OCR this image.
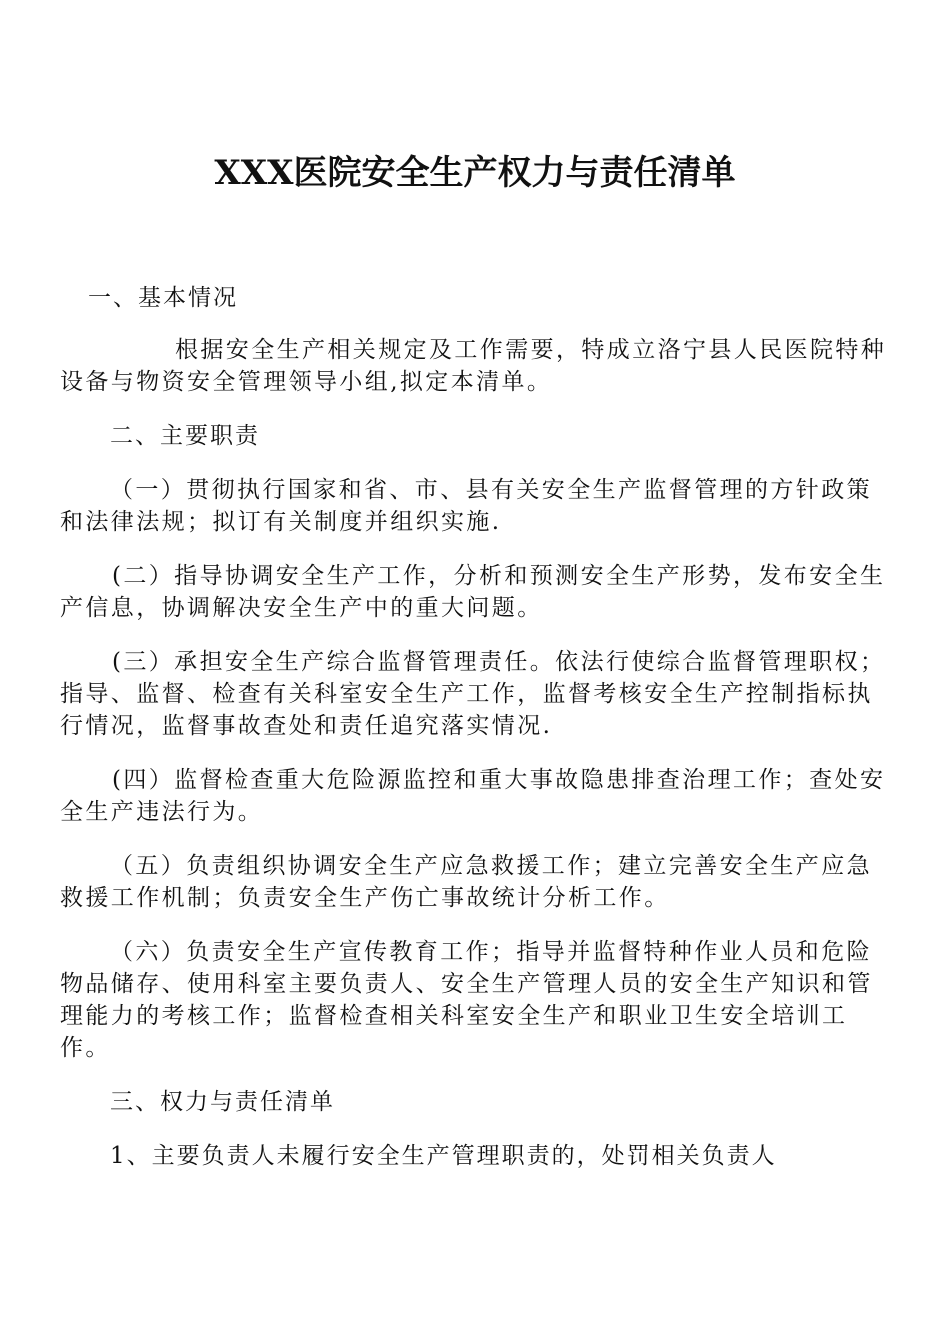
XXX医院安全生产权力与责任清单
一、基本情况
根据安全生产相关规定及工作需要，特成立洛宁县人民医院特种
设备与物资安全管理领导小组,拟定本清单。
二、主要职责
（一）贯彻执行国家和省、市、县有关安全生产监督管理的方针政策
和法律法规；拟订有关制度并组织实施.
(二）指导协调安全生产工作，分析和预测安全生产形势，发布安全生
产信息，协调解决安全生产中的重大问题。
(三）承担安全生产综合监督管理责任。依法行使综合监督管理职权；
指导、监督、检查有关科室安全生产工作，监督考核安全生产控制指标执
行情况，监督事故查处和责任追究落实情况.
(四）监督检查重大危险源监控和重大事故隐患排查治理工作；查处安
全生产违法行为。
（五）负责组织协调安全生产应急救援工作；建立完善安全生产应急
救援工作机制；负责安全生产伤亡事故统计分析工作。
（六）负责安全生产宣传教育工作；指导并监督特种作业人员和危险
物品储存、使用科室主要负责人、安全生产管理人员的安全生产知识和管
理能力的考核工作；监督检查相关科室安全生产和职业卫生安全培训工
作。
三、权力与责任清单
1、主要负责人未履行安全生产管理职责的，处罚相关负责人
